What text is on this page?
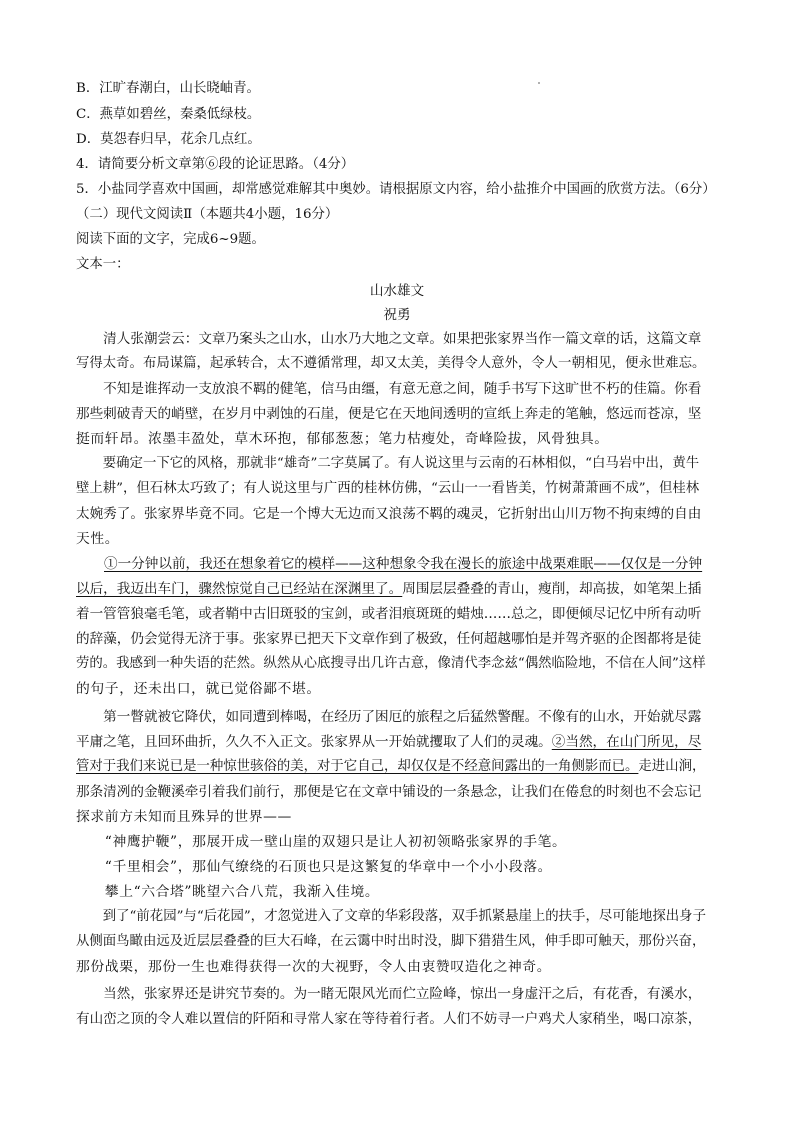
B．江旷春潮白，山长晓岫青。
C．燕草如碧丝，秦桑低绿枝。
D．莫怨春归早，花余几点红。
4．请简要分析文章第⑥段的论证思路。（4分）
5．小盐同学喜欢中国画，却常感觉难解其中奥妙。请根据原文内容，给小盐推介中国画的欣赏方法。（6分）
（二）现代文阅读Ⅱ（本题共4小题，16分）
阅读下面的文字，完成6~9题。
文本一：
山水雄文
祝勇
　　清人张潮尝云：文章乃案头之山水，山水乃大地之文章。如果把张家界当作一篇文章的话，这篇文章
写得太奇。布局谋篇，起承转合，太不遵循常理，却又太美，美得令人意外，令人一朝相见，便永世难忘。
　　不知是谁挥动一支放浪不羁的健笔，信马由缰，有意无意之间，随手书写下这旷世不朽的佳篇。你看
那些刺破青天的峭壁，在岁月中剥蚀的石崖，便是它在天地间透明的宣纸上奔走的笔触，悠远而苍凉，坚
挺而轩昂。浓墨丰盈处，草木环抱，郁郁葱葱；笔力枯瘦处，奇峰险拔，风骨独具。
　　要确定一下它的风格，那就非“雄奇”二字莫属了。有人说这里与云南的石林相似，“白马岩中出，黄牛
壁上耕”，但石林太巧致了；有人说这里与广西的桂林仿佛，“云山一一看皆美，竹树萧萧画不成”，但桂林
太婉秀了。张家界毕竟不同。它是一个博大无边而又浪荡不羁的魂灵，它折射出山川万物不拘束缚的自由
天性。
①一分钟以前，我还在想象着它的模样——这种想象令我在漫长的旅途中战栗难眠——仅仅是一分钟
以后，我迈出车门，骤然惊觉自己已经站在深渊里了。周围层层叠叠的青山，瘦削，却高拔，如笔架上插
着一管管狼毫毛笔，或者鞘中古旧斑驳的宝剑，或者泪痕斑斑的蜡烛……总之，即便倾尽记忆中所有动听
的辞藻，仍会觉得无济于事。张家界已把天下文章作到了极致，任何超越哪怕是并驾齐驱的企图都将是徒
劳的。我感到一种失语的茫然。纵然从心底搜寻出几许古意，像清代李念兹“偶然临险地，不信在人间”这样
的句子，还未出口，就已觉俗鄙不堪。
　　第一瞥就被它降伏，如同遭到棒喝，在经历了困厄的旅程之后猛然警醒。不像有的山水，开始就尽露
平庸之笔，且回环曲折，久久不入正文。张家界从一开始就攫取了人们的灵魂。②当然，在山门所见，尽
管对于我们来说已是一种惊世骇俗的美，对于它自己，却仅仅是不经意间露出的一角侧影而已。走进山涧，
那条清冽的金鞭溪牵引着我们前行，那便是它在文章中铺设的一条悬念，让我们在倦怠的时刻也不会忘记
探求前方未知而且殊异的世界——
　　“神鹰护鞭”，那展开成一壁山崖的双翅只是让人初初领略张家界的手笔。
　　“千里相会”，那仙气缭绕的石顶也只是这繁复的华章中一个小小段落。
　　攀上“六合塔”眺望六合八荒，我渐入佳境。
　　到了“前花园”与“后花园”，才忽觉进入了文章的华彩段落，双手抓紧悬崖上的扶手，尽可能地探出身子
从侧面鸟瞰由远及近层层叠叠的巨大石峰，在云霭中时出时没，脚下猎猎生风，伸手即可触天，那份兴奋，
那份战栗，那份一生也难得获得一次的大视野，令人由衷赞叹造化之神奇。
　　当然，张家界还是讲究节奏的。为一睹无限风光而伫立险峰，惊出一身虚汗之后，有花香，有溪水，
有山峦之顶的令人难以置信的阡陌和寻常人家在等待着行者。人们不妨寻一户鸡犬人家稍坐，喝口凉茶，
